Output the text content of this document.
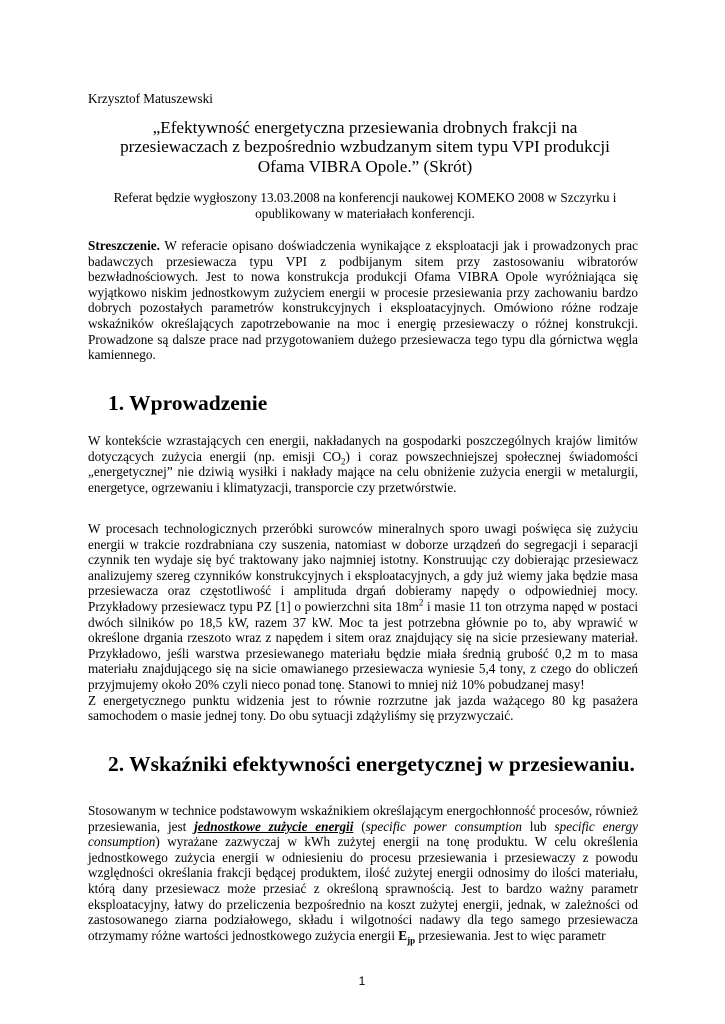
Krzysztof Matuszewski

„Efektywność energetyczna przesiewania drobnych frakcji na przesiewaczach z bezpośrednio wzbudzanym sitem typu VPI produkcji Ofama VIBRA Opole.” (Skrót)

Referat będzie wygłoszony 13.03.2008 na konferencji naukowej KOMEKO 2008 w Szczyrku i opublikowany w materiałach konferencji.

Streszczenie. W referacie opisano doświadczenia wynikające z eksploatacji jak i prowadzonych prac badawczych przesiewacza typu VPI z podbijanym sitem przy zastosowaniu wibratorów bezwładnościowych. Jest to nowa konstrukcja produkcji Ofama VIBRA Opole wyróżniająca się wyjątkowo niskim jednostkowym zużyciem energii w procesie przesiewania przy zachowaniu bardzo dobrych pozostałych parametrów konstrukcyjnych i eksploatacyjnych. Omówiono różne rodzaje wskaźników określających zapotrzebowanie na moc i energię przesiewaczy o różnej konstrukcji. Prowadzone są dalsze prace nad przygotowaniem dużego przesiewacza tego typu dla górnictwa węgla kamiennego.

1. Wprowadzenie

W kontekście wzrastających cen energii, nakładanych na gospodarki poszczególnych krajów limitów dotyczących zużycia energii (np. emisji $CO_2$) i coraz powszechniejszej społecznej świadomości „energetycznej” nie dziwią wysiłki i nakłady mające na celu obniżenie zużycia energii w metalurgii, energetyce, ogrzewaniu i klimatyzacji, transporcie czy przetwórstwie.

W procesach technologicznych przeróbki surowców mineralnych sporo uwagi poświęca się zużyciu energii w trakcie rozdrabniana czy suszenia, natomiast w doborze urządzeń do segregacji i separacji czynnik ten wydaje się być traktowany jako najmniej istotny. Konstruując czy dobierając przesiewacz analizujemy szereg czynników konstrukcyjnych i eksploatacyjnych, a gdy już wiemy jaka będzie masa przesiewacza oraz częstotliwość i amplituda drgań dobieramy napędy o odpowiedniej mocy. Przykładowy przesiewacz typu PZ [1] o powierzchni sita $18m^2$ i masie 11 ton otrzyma napęd w postaci dwóch silników po 18,5 kW, razem 37 kW. Moc ta jest potrzebna głównie po to, aby wprawić w określone drgania rzeszoto wraz z napędem i sitem oraz znajdujący się na sicie przesiewany materiał. Przykładowo, jeśli warstwa przesiewanego materiału będzie miała średnią grubość 0,2 m to masa materiału znajdującego się na sicie omawianego przesiewacza wyniesie 5,4 tony, z czego do obliczeń przyjmujemy około 20% czyli nieco ponad tonę. Stanowi to mniej niż 10% pobudzanej masy!
Z energetycznego punktu widzenia jest to równie rozrzutne jak jazda ważącego 80 kg pasażera samochodem o masie jednej tony. Do obu sytuacji zdążyliśmy się przyzwyczaić.

2. Wskaźniki efektywności energetycznej w przesiewaniu.

Stosowanym w technice podstawowym wskaźnikiem określającym energochłonność procesów, również przesiewania, jest jednostkowe zużycie energii (specific power consumption lub specific energy consumption) wyrażane zazwyczaj w kWh zużytej energii na tonę produktu. W celu określenia jednostkowego zużycia energii w odniesieniu do procesu przesiewania i przesiewaczy z powodu względności określania frakcji będącej produktem, ilość zużytej energii odnosimy do ilości materiału, którą dany przesiewacz może przesiać z określoną sprawnością. Jest to bardzo ważny parametr eksploatacyjny, łatwy do przeliczenia bezpośrednio na koszt zużytej energii, jednak, w zależności od zastosowanego ziarna podziałowego, składu i wilgotności nadawy dla tego samego przesiewacza otrzymamy różne wartości jednostkowego zużycia energii $E_{jp}$ przesiewania. Jest to więc parametr

1
